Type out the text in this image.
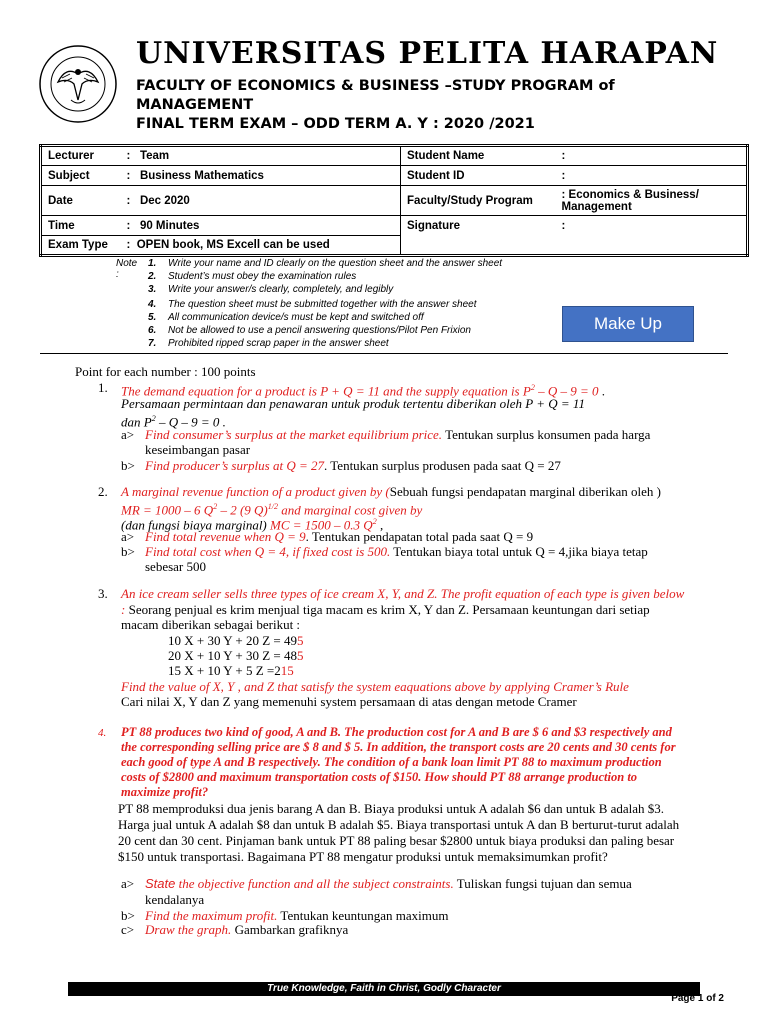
UNIVERSITAS PELITA HARAPAN
FACULTY OF ECONOMICS & BUSINESS –STUDY PROGRAM of
MANAGEMENT
FINAL TERM EXAM – ODD TERM A. Y : 2020 /2021
Lecturer	: Team	Student Name	:
Subject	: Business Mathematics	Student ID	:
Date	: Dec 2020	Faculty/Study Program	: Economics & Business/
Management
Time	: 90 Minutes	Signature	:
Exam Type	: OPEN book, MS Excell can be used		
Note :
1. Write your name and ID clearly on the question sheet and the answer sheet
2. Student’s must obey the examination rules
3. Write your answer/s clearly, completely, and legibly
4. The question sheet must be submitted together with the answer sheet
5. All communication device/s must be kept and switched off
6. Not be allowed to use a pencil answering questions/Pilot Pen Frixion
7. Prohibited ripped scrap paper in the answer sheet
Make Up
Point for each number : 100 points
1. The demand equation for a product is P + Q = 11 and the supply equation is $P^2 - Q - 9 = 0$ .
Persamaan permintaan dan penawaran untuk produk tertentu diberikan oleh P + Q = 11
dan $P^2 - Q - 9 = 0$ .
a> Find consumer’s surplus at the market equilibrium price. Tentukan surplus konsumen pada harga
keseimbangan pasar
b> Find producer’s surplus at Q = 27. Tentukan surplus produsen pada saat Q = 27
2. A marginal revenue function of a product given by (Sebuah fungsi pendapatan marginal diberikan oleh )
MR = 1000 – 6 $Q^2 - 2$ (9 Q)$^{1/2}$ and marginal cost given by
(dan fungsi biaya marginal) MC = 1500 – 0.3 $Q^2$ ,
a> Find total revenue when Q = 9. Tentukan pendapatan total pada saat Q = 9
b> Find total cost when Q = 4, if fixed cost is 500. Tentukan biaya total untuk Q = 4,jika biaya tetap
sebesar 500
3. An ice cream seller sells three types of ice cream X, Y, and Z. The profit equation of each type is given below
: Seorang penjual es krim menjual tiga macam es krim X, Y dan Z. Persamaan keuntungan dari setiap
macam diberikan sebagai berikut :
10 X + 30 Y + 20 Z = 495
20 X + 10 Y + 30 Z = 485
15 X + 10 Y + 5 Z =215
Find the value of X, Y , and Z that satisfy the system eaquations above by applying Cramer’s Rule
Cari nilai X, Y dan Z yang memenuhi system persamaan di atas dengan metode Cramer
4. PT 88 produces two kind of good, A and B. The production cost for A and B are $ 6 and $3 respectively and
the corresponding selling price are $ 8 and $ 5. In addition, the transport costs are 20 cents and 30 cents for
each good of type A and B respectively. The condition of a bank loan limit PT 88 to maximum production
costs of $2800 and maximum transportation costs of $150. How should PT 88 arrange production to
maximize profit?
PT 88 memproduksi dua jenis barang A dan B. Biaya produksi untuk A adalah $6 dan untuk B adalah $3.
Harga jual untuk A adalah $8 dan untuk B adalah $5. Biaya transportasi untuk A dan B berturut-turut adalah
20 cent dan 30 cent. Pinjaman bank untuk PT 88 paling besar $2800 untuk biaya produksi dan paling besar
$150 untuk transportasi. Bagaimana PT 88 mengatur produksi untuk memaksimumkan profit?
a> State the objective function and all the subject constraints. Tuliskan fungsi tujuan dan semua
kendalanya
b> Find the maximum profit. Tentukan keuntungan maximum
c> Draw the graph. Gambarkan grafiknya
True Knowledge, Faith in Christ, Godly Character
Page 1 of 2
